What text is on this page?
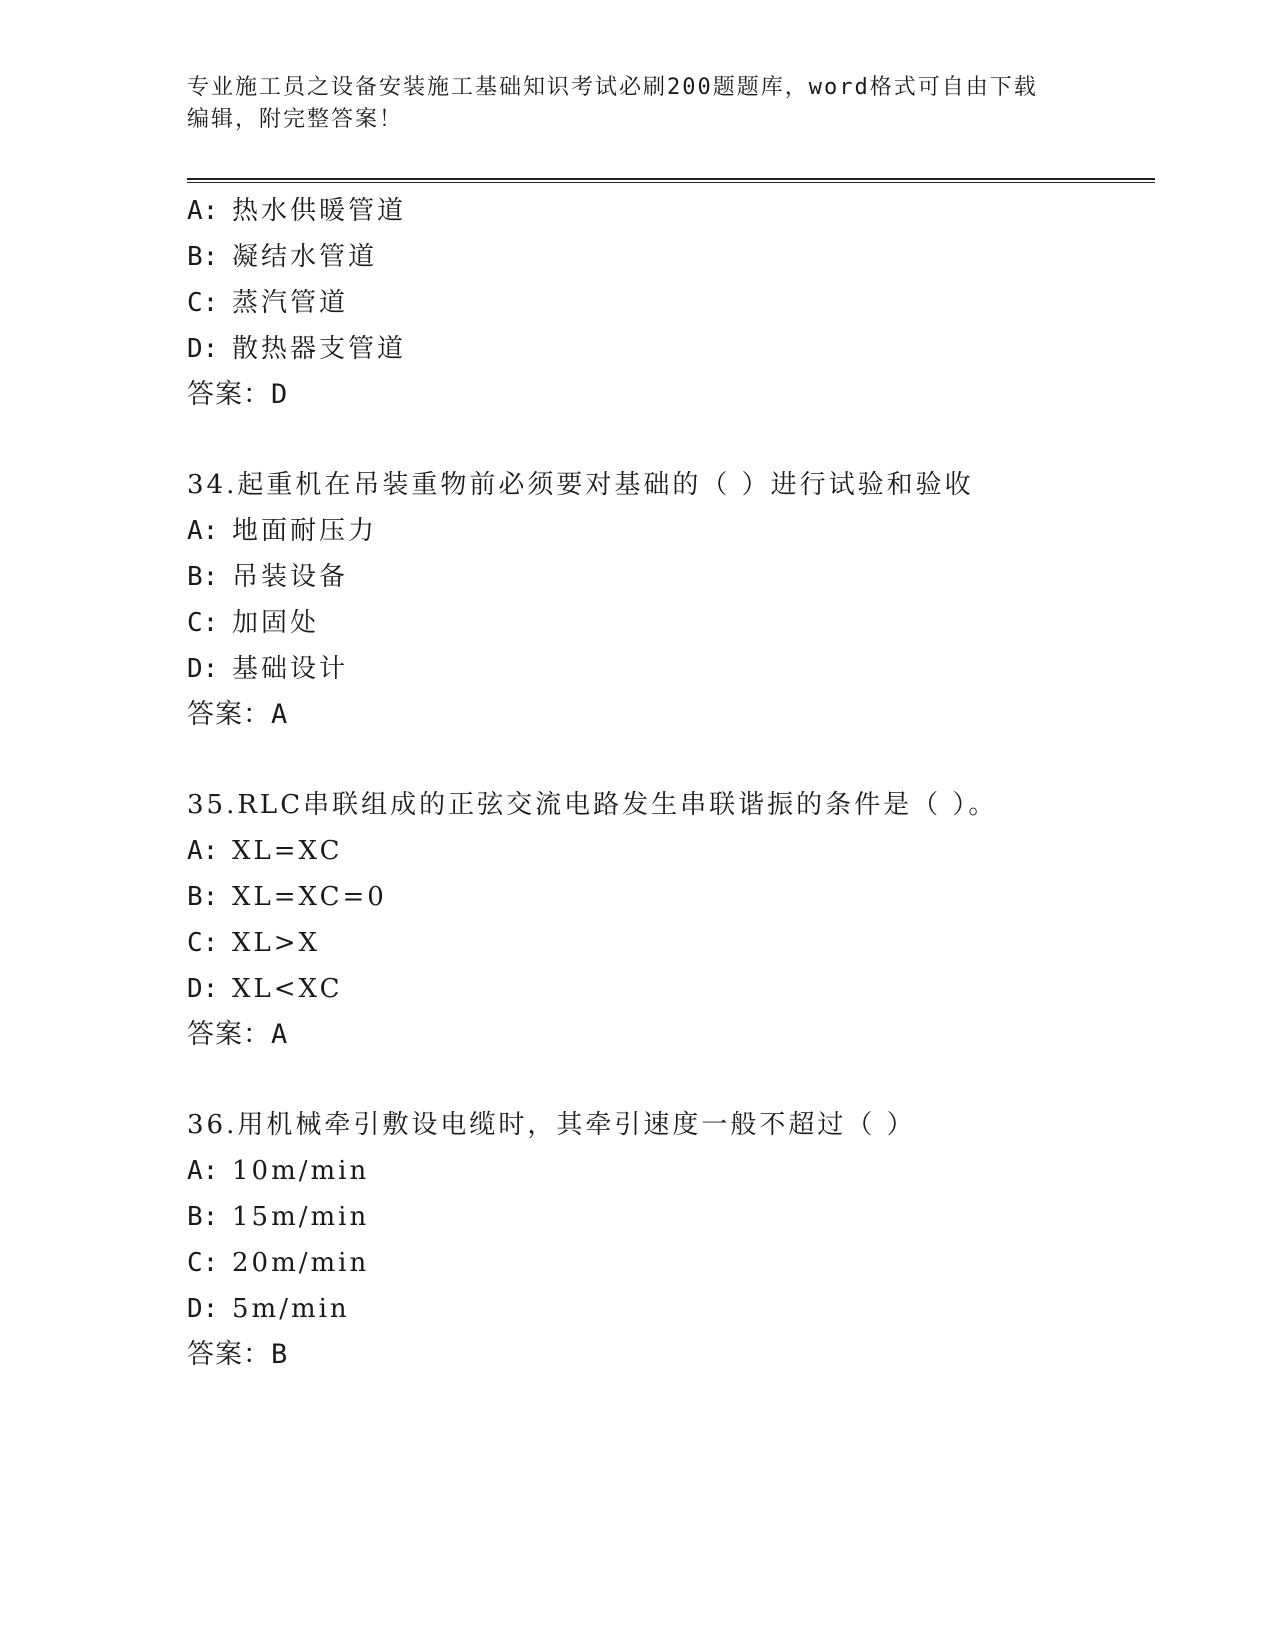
专业施工员之设备安装施工基础知识考试必刷200题题库，word格式可自由下载
编辑，附完整答案！
A: 热水供暖管道
B: 凝结水管道
C: 蒸汽管道
D: 散热器支管道
答案：D
34.起重机在吊装重物前必须要对基础的（ ）进行试验和验收
A: 地面耐压力
B: 吊装设备
C: 加固处
D: 基础设计
答案：A
35.RLC串联组成的正弦交流电路发生串联谐振的条件是（ ）。
A: XL=XC
B: XL=XC=0
C: XL>X
D: XL<XC
答案：A
36.用机械牵引敷设电缆时，其牵引速度一般不超过（ ）
A: 10m/min
B: 15m/min
C: 20m/min
D: 5m/min
答案：B
